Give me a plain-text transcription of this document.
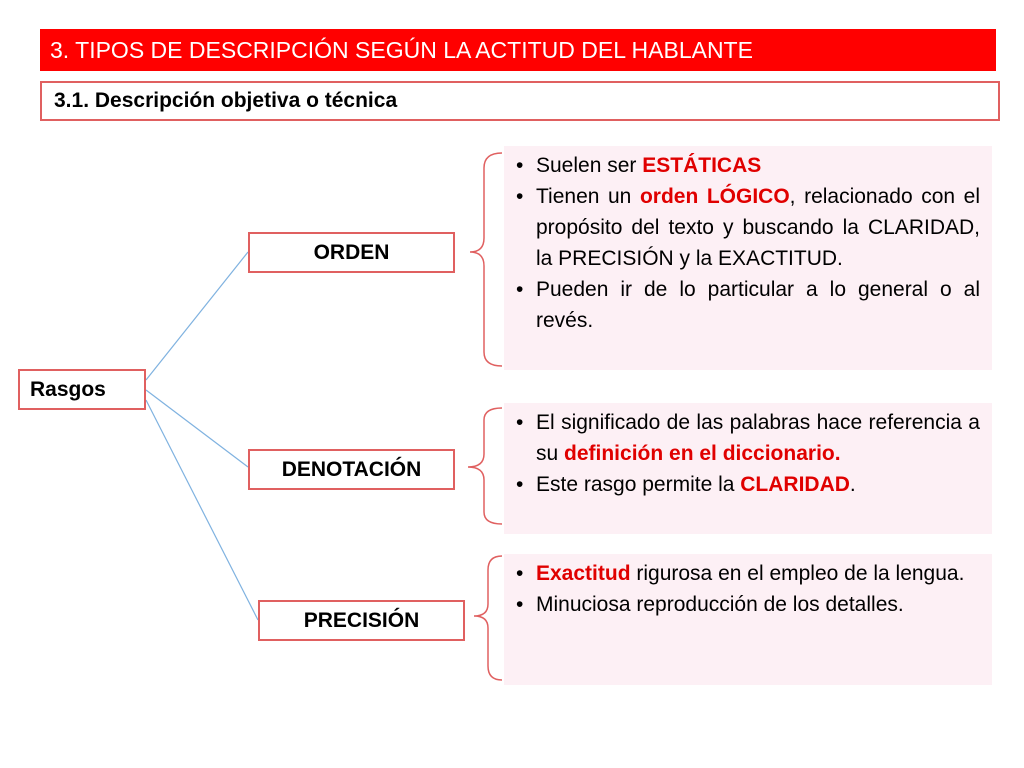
3. TIPOS DE DESCRIPCIÓN SEGÚN LA ACTITUD DEL HABLANTE
3.1. Descripción objetiva o técnica
Rasgos
ORDEN
DENOTACIÓN
PRECISIÓN
• Suelen ser ESTÁTICAS
• Tienen un orden LÓGICO, relacionado con el propósito del texto y buscando la CLARIDAD, la PRECISIÓN y la EXACTITUD.
• Pueden ir de lo particular a lo general o al revés.
• El significado de las palabras hace referencia a su definición en el diccionario.
• Este rasgo permite la CLARIDAD.
• Exactitud rigurosa en el empleo de la lengua.
• Minuciosa reproducción de los detalles.
